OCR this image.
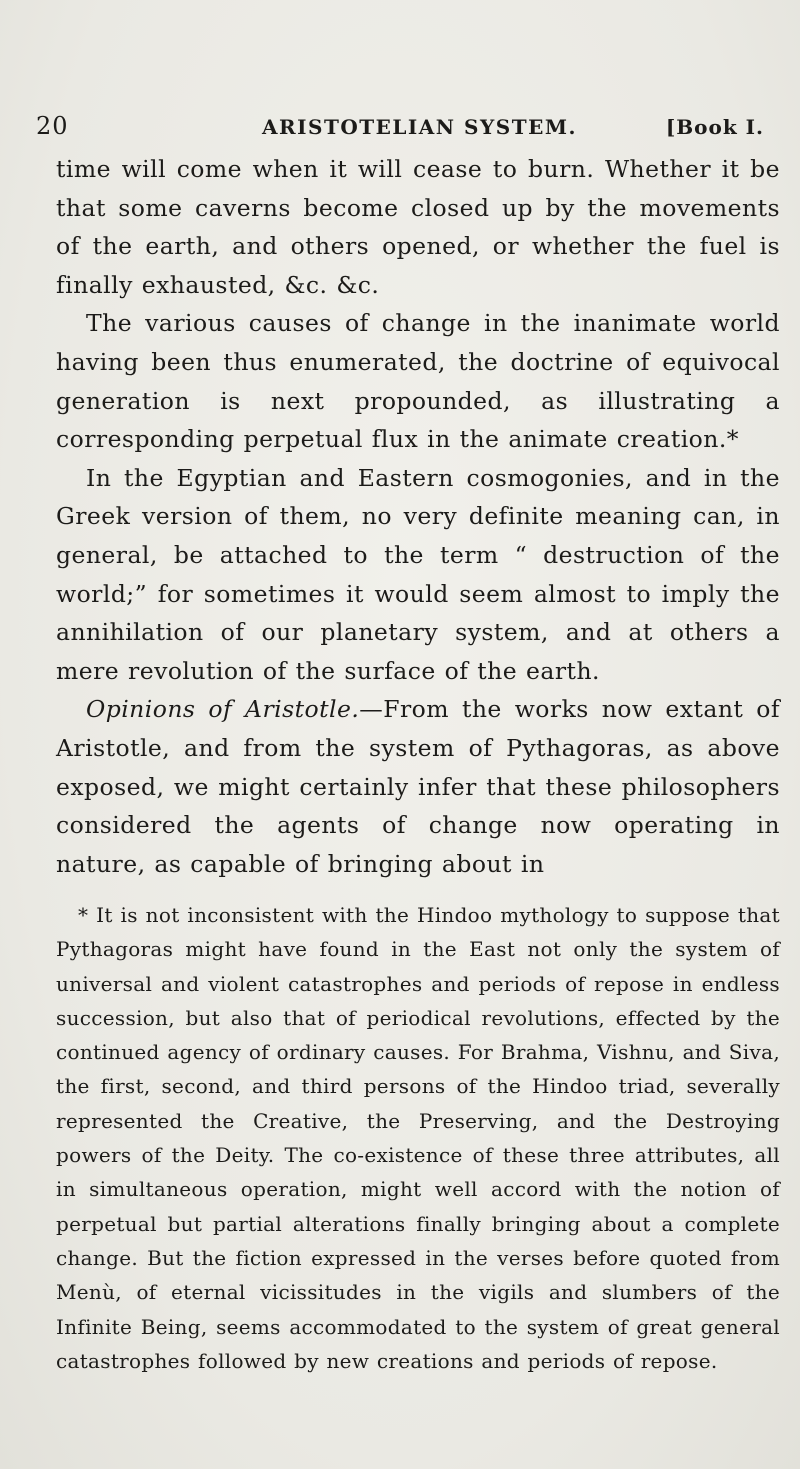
20	ARISTOTELIAN SYSTEM.	[Book I.

time will come when it will cease to burn. Whether it be that some caverns become closed up by the movements of the earth, and others opened, or whether the fuel is finally exhausted, &c. &c.

The various causes of change in the inanimate world having been thus enumerated, the doctrine of equivocal generation is next propounded, as illustrating a corresponding perpetual flux in the animate creation.*

In the Egyptian and Eastern cosmogonies, and in the Greek version of them, no very definite meaning can, in general, be attached to the term “ destruction of the world;” for sometimes it would seem almost to imply the annihilation of our planetary system, and at others a mere revolution of the surface of the earth.

Opinions of Aristotle.—From the works now extant of Aristotle, and from the system of Pythagoras, as above exposed, we might certainly infer that these philosophers considered the agents of change now operating in nature, as capable of bringing about in

* It is not inconsistent with the Hindoo mythology to suppose that Pythagoras might have found in the East not only the system of universal and violent catastrophes and periods of repose in endless succession, but also that of periodical revolutions, effected by the continued agency of ordinary causes. For Brahma, Vishnu, and Siva, the first, second, and third persons of the Hindoo triad, severally represented the Creative, the Preserving, and the Destroying powers of the Deity. The co-existence of these three attributes, all in simultaneous operation, might well accord with the notion of perpetual but partial alterations finally bringing about a complete change. But the fiction expressed in the verses before quoted from Menù, of eternal vicissitudes in the vigils and slumbers of the Infinite Being, seems accommodated to the system of great general catastrophes followed by new creations and periods of repose.
